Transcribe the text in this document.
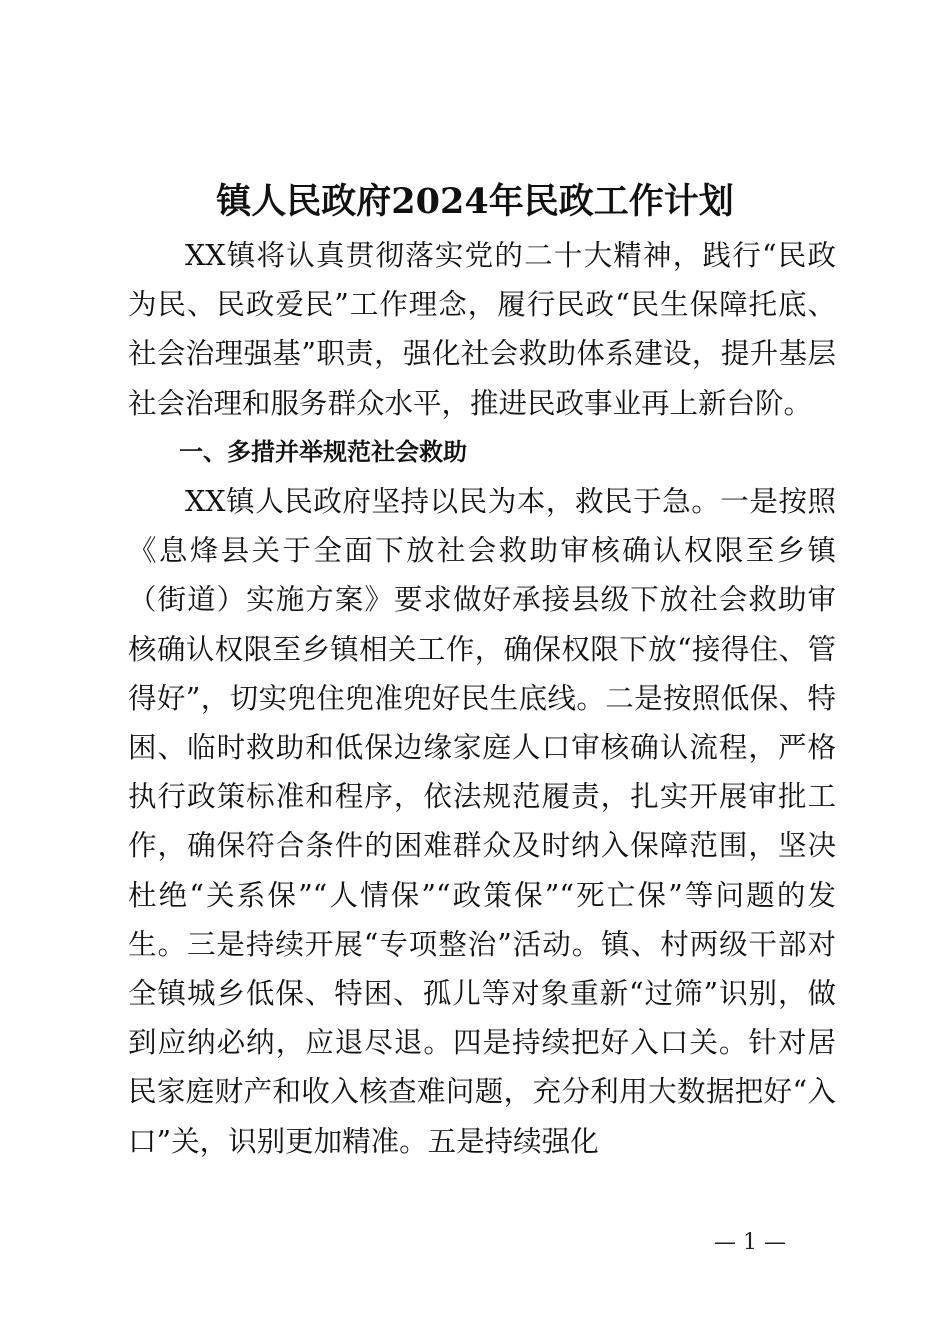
镇人民政府2024年民政工作计划

XX镇将认真贯彻落实党的二十大精神，践行“民政为民、民政爱民”工作理念，履行民政“民生保障托底、社会治理强基”职责，强化社会救助体系建设，提升基层社会治理和服务群众水平，推进民政事业再上新台阶。

一、多措并举规范社会救助

XX镇人民政府坚持以民为本，救民于急。一是按照《息烽县关于全面下放社会救助审核确认权限至乡镇（街道）实施方案》要求做好承接县级下放社会救助审核确认权限至乡镇相关工作，确保权限下放“接得住、管得好”，切实兜住兜准兜好民生底线。二是按照低保、特困、临时救助和低保边缘家庭人口审核确认流程，严格执行政策标准和程序，依法规范履责，扎实开展审批工作，确保符合条件的困难群众及时纳入保障范围，坚决杜绝“关系保”“人情保”“政策保”“死亡保”等问题的发生。三是持续开展“专项整治”活动。镇、村两级干部对全镇城乡低保、特困、孤儿等对象重新“过筛”识别，做到应纳必纳，应退尽退。四是持续把好入口关。针对居民家庭财产和收入核查难问题，充分利用大数据把好“入口”关，识别更加精准。五是持续强化

— 1 —
